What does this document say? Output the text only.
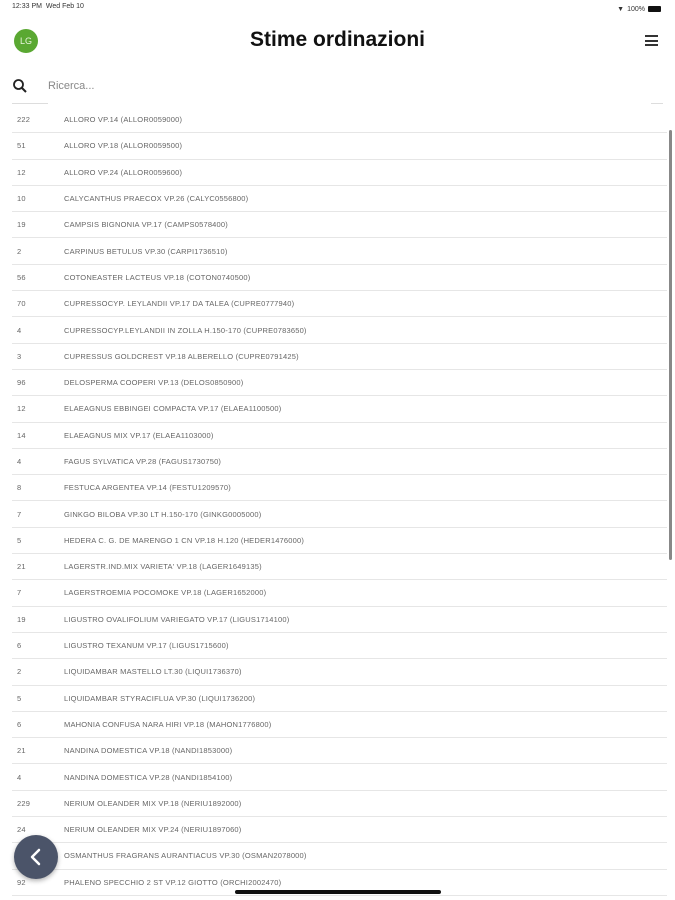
12:33 PM Wed Feb 10	▼ 100%
LG	Stime ordinazioni
Ricerca...
222	ALLORO VP.14 (ALLOR0059000)
51	ALLORO VP.18 (ALLOR0059500)
12	ALLORO VP.24 (ALLOR0059600)
10	CALYCANTHUS PRAECOX VP.26 (CALYC0556800)
19	CAMPSIS BIGNONIA VP.17 (CAMPS0578400)
2	CARPINUS BETULUS VP.30 (CARPI1736510)
56	COTONEASTER LACTEUS VP.18 (COTON0740500)
70	CUPRESSOCYP. LEYLANDII VP.17 DA TALEA (CUPRE0777940)
4	CUPRESSOCYP.LEYLANDII IN ZOLLA H.150-170 (CUPRE0783650)
3	CUPRESSUS GOLDCREST VP.18 ALBERELLO (CUPRE0791425)
96	DELOSPERMA COOPERI VP.13 (DELOS0850900)
12	ELAEAGNUS EBBINGEI COMPACTA VP.17 (ELAEA1100500)
14	ELAEAGNUS MIX VP.17 (ELAEA1103000)
4	FAGUS SYLVATICA VP.28 (FAGUS1730750)
8	FESTUCA ARGENTEA VP.14 (FESTU1209570)
7	GINKGO BILOBA VP.30 LT H.150-170 (GINKG0005000)
5	HEDERA C. G. DE MARENGO 1 CN VP.18 H.120 (HEDER1476000)
21	LAGERSTR.IND.MIX VARIETA' VP.18 (LAGER1649135)
7	LAGERSTROEMIA POCOMOKE VP.18 (LAGER1652000)
19	LIGUSTRO OVALIFOLIUM VARIEGATO VP.17 (LIGUS1714100)
6	LIGUSTRO TEXANUM VP.17 (LIGUS1715600)
2	LIQUIDAMBAR MASTELLO LT.30 (LIQUI1736370)
5	LIQUIDAMBAR STYRACIFLUA VP.30 (LIQUI1736200)
6	MAHONIA CONFUSA NARA HIRI VP.18 (MAHON1776800)
21	NANDINA DOMESTICA VP.18 (NANDI1853000)
4	NANDINA DOMESTICA VP.28 (NANDI1854100)
229	NERIUM OLEANDER MIX VP.18 (NERIU1892000)
24	NERIUM OLEANDER MIX VP.24 (NERIU1897060)
OSMANTHUS FRAGRANS AURANTIACUS VP.30 (OSMAN2078000)
92	PHALENO SPECCHIO 2 ST VP.12 GIOTTO (ORCHI2002470)
